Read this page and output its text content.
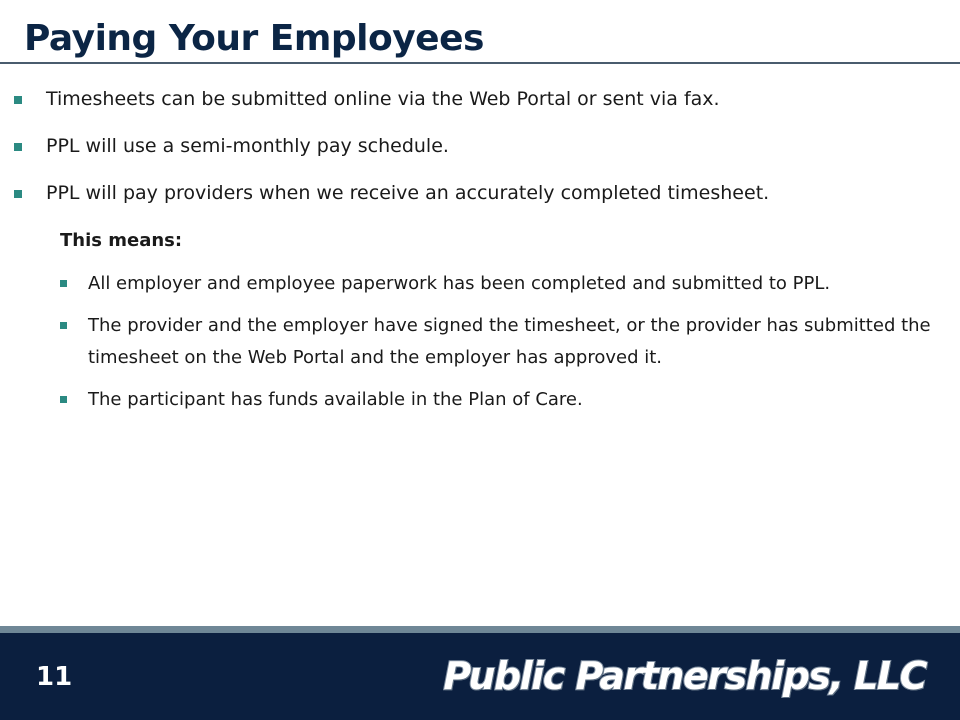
Paying Your Employees
Timesheets can be submitted online via the Web Portal or sent via fax.
PPL will use a semi-monthly pay schedule.
PPL will pay providers when we receive an accurately completed timesheet.

This means:

All employer and employee paperwork has been completed and submitted to PPL.
The provider and the employer have signed the timesheet, or the provider has submitted the timesheet on the Web Portal and the employer has approved it.
The participant has funds available in the Plan of Care.
11	Public Partnerships, LLC
